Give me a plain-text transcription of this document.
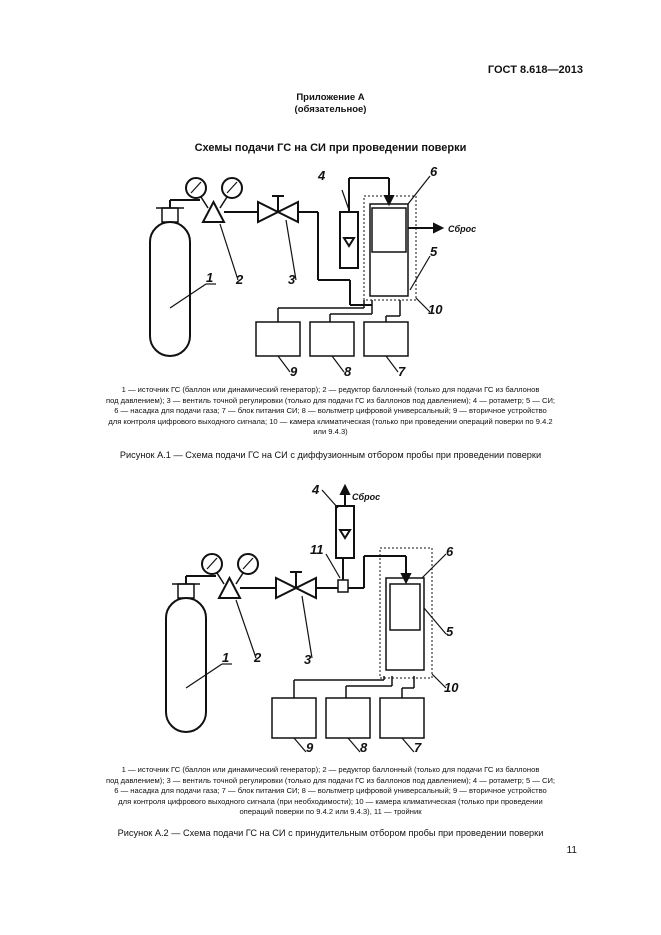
ГОСТ 8.618—2013
Приложение А
(обязательное)
Схемы подачи ГС на СИ при проведении поверки
1 2	3
4
5
6
7
8
9
10
Сброс
1 — источник ГС (баллон или динамический генератор); 2 — редуктор баллонный (только для подачи ГС из баллонов
под давлением); 3 — вентиль точной регулировки (только для подачи ГС из баллонов под давлением); 4 — ротаметр; 5 — СИ;
6 — насадка для подачи газа; 7 — блок питания СИ; 8 — вольтметр цифровой универсальный; 9 — вторичное устройство
для контроля цифрового выходного сигнала; 10 — камера климатическая (только при проведении операций поверки по 9.4.2
или 9.4.3)
Рисунок А.1 — Схема подачи ГС на СИ с диффузионным отбором пробы при проведении поверки
1 2	3
4
5
6
7
8
9
10
11
Сброс
1 — источник ГС (баллон или динамический генератор); 2 — редуктор баллонный (только для подачи ГС из баллонов
под давлением); 3 — вентиль точной регулировки (только для подачи ГС из баллонов под давлением); 4 — ротаметр; 5 — СИ;
6 — насадка для подачи газа; 7 — блок питания СИ; 8 — вольтметр цифровой универсальный; 9 — вторичное устройство
для контроля цифрового выходного сигнала (при необходимости); 10 — камера климатическая (только при проведении
операций поверки по 9.4.2 или 9.4.3), 11 — тройник
Рисунок А.2 — Схема подачи ГС на СИ с принудительным отбором пробы при проведении поверки
11
